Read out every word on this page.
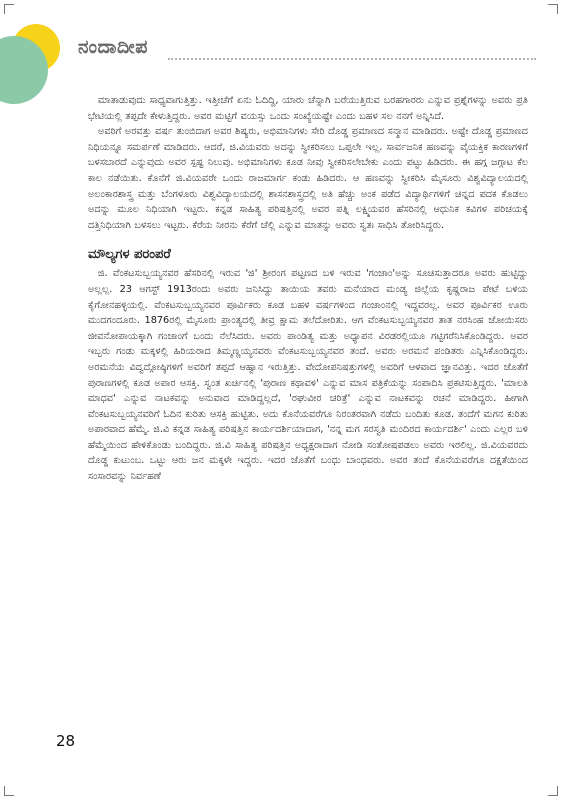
ನಂದಾದೀಪ

ಮಾತಾಡುವುದು ಸಾಧ್ಯವಾಗುತ್ತಿತ್ತು. ಇತ್ತೀಚೆಗೆ ಏನು ಓದಿದ್ದಿ, ಯಾರು ಚೆನ್ನಾಗಿ ಬರೆಯುತ್ತಿರುವ ಬರಹಗಾರರು ಎನ್ನುವ ಪ್ರಶ್ನೆಗಳನ್ನು ಅವರು ಪ್ರತಿ ಭೇಟಿಯಲ್ಲಿ ತಪ್ಪದೇ ಕೇಳುತ್ತಿದ್ದರು. ಅವರ ಮಟ್ಟಿಗೆ ವಯಸ್ಸು ಒಂದು ಸಂಖ್ಯೆಯಷ್ಟೇ ಎಂದು ಬಹಳ ಸಲ ನನಗೆ ಅನ್ನಿಸಿದೆ.

ಅವರಿಗೆ ಅರವತ್ತು ವರ್ಷ ತುಂಬಿದಾಗ ಅವರ ಶಿಷ್ಯರು, ಅಭಿಮಾನಿಗಳು ಸೇರಿ ದೊಡ್ಡ ಪ್ರಮಾಣದ ಸನ್ಮಾನ ಮಾಡಿದರು. ಅಷ್ಟೇ ದೊಡ್ಡ ಪ್ರಮಾಣದ ನಿಧಿಯನ್ನೂ ಸಮರ್ಪಣೆ ಮಾಡಿದರು. ಆದರೆ, ಜಿ.ವಿಯವರು ಅದನ್ನು ಸ್ವೀಕರಿಸಲು ಒಪ್ಪಲೇ ಇಲ್ಲ. ಸಾರ್ವಜನಿಕ ಹಣವನ್ನು ವೈಯಕ್ತಿಕ ಕಾರಣಗಳಿಗೆ ಬಳಸಬಾರದೆ ಎನ್ನುವುದು ಅವರ ಸ್ಪಷ್ಟ ನಿಲುವು. ಅಭಿಮಾನಿಗಳು ಕೂಡ ನೀವು ಸ್ವೀಕರಿಸಲೇಬೇಕು ಎಂದು ಪಟ್ಟು ಹಿಡಿದರು. ಈ ಹಗ್ಗ ಜಗ್ಗಾಟ ಕೆಲ ಕಾಲ ನಡೆಯಿತು. ಕೊನೆಗೆ ಜಿ.ವಿಯವರೇ ಒಂದು ರಾಜಮಾರ್ಗ ಕಂಡು ಹಿಡಿದರು. ಆ ಹಣವನ್ನು ಸ್ವೀಕರಿಸಿ ಮೈಸೂರು ವಿಶ್ವವಿದ್ಯಾಲಯದಲ್ಲಿ ಅಲಂಕಾರಶಾಸ್ತ್ರ ಮತ್ತು ಬೆಂಗಳೂರು ವಿಶ್ವವಿದ್ಯಾಲಯದಲ್ಲಿ ಶಾಸನಶಾಸ್ತ್ರದಲ್ಲಿ ಅತಿ ಹೆಚ್ಚು ಅಂಕ ಪಡೆದ ವಿದ್ಯಾರ್ಥಿಗಳಿಗೆ ಚಿನ್ನದ ಪದಕ ಕೊಡಲು ಅದನ್ನು ಮೂಲ ನಿಧಿಯಾಗಿ ಇಟ್ಟರು. ಕನ್ನಡ ಸಾಹಿತ್ಯ ಪರಿಷತ್ತಿನಲ್ಲಿ ಅವರ ಪತ್ನಿ ಲಕ್ಷ್ಮಿಯವರ ಹೆಸರಿನಲ್ಲಿ ಆಧುನಿಕ ಕವಿಗಳ ಪರಿಚಯಕ್ಕೆ ದತ್ತಿನಿಧಿಯಾಗಿ ಬಳಸಲು ಇಟ್ಟರು. ಕೆರೆಯ ನೀರನು ಕೆರೆಗೆ ಚೆಲ್ಲಿ ಎನ್ನುವ ಮಾತನ್ನು ಅವರು ಸ್ವತಃ ಸಾಧಿಸಿ ತೋರಿಸಿದ್ದರು.

ಮೌಲ್ಯಗಳ ಪರಂಪರೆ

ಜಿ. ವೆಂಕಟಸುಬ್ಬಯ್ಯನವರ ಹೆಸರಿನಲ್ಲಿ ಇರುವ 'ಜಿ' ಶ್ರೀರಂಗ ಪಟ್ಟಣದ ಬಳಿ ಇರುವ 'ಗಂಜಾಂ'ಅನ್ನು ಸೂಚಿಸುತ್ತಾದರೂ ಅವರು ಹುಟ್ಟಿದ್ದು ಅಲ್ಲಲ್ಲ. 23 ಆಗಸ್ಟ್ 1913ರಂದು ಅವರು ಜನಿಸಿದ್ದು ತಾಯಿಯ ತವರು ಮನೆಯಾದ ಮಂಡ್ಯ ಜಿಲ್ಲೆಯ ಕೃಷ್ಣರಾಜ ಪೇಟೆ ಬಳಿಯ ಕೈಗೋನಹಳ್ಳಿಯಲ್ಲಿ. ವೆಂಕಟಸುಬ್ಬಯ್ಯನವರ ಪೂರ್ವಿಕರು ಕೂಡ ಬಹಳ ವರ್ಷಗಳಿಂದ ಗಂಜಾಂನಲ್ಲಿ ಇದ್ದವರಲ್ಲ. ಅವರ ಪೂರ್ವಿಕರ ಊರು ಮುದಗಂದೂರು. 1876ರಲ್ಲಿ ಮೈಸೂರು ಪ್ರಾಂತ್ಯದಲ್ಲಿ ತೀವ್ರ ಕ್ಷಾಮ ತಲೆದೋರಿತು. ಆಗ ವೆಂಕಟಸುಬ್ಬಯ್ಯನವರ ತಾತ ನರಸಿಂಹ ಜೋಯಿಸರು ಜೀವನೋಪಾಯಕ್ಕಾಗಿ ಗಂಜಾಂಗೆ ಬಂದು ನೆಲೆಸಿದರು. ಅವರು ಪಾಂಡಿತ್ಯ ಮತ್ತು ಅಧ್ಯಾಪನ ವಿರಡರಲ್ಲಿಯೂ ಗಟ್ಟಿಗರೆನಿಸಿಕೊಂಡಿದ್ದರು. ಅವರ ಇಬ್ಬರು ಗಂಡು ಮಕ್ಕಳಲ್ಲಿ ಹಿರಿಯರಾದ ತಿಮ್ಮಣ್ಣಯ್ಯನವರು ವೆಂಕಟಸುಬ್ಬಯ್ಯನವರ ತಂದೆ. ಅವರು ಅರಮನೆ ಪಂಡಿತರು ಎನ್ನಿಸಿಕೊಂಡಿದ್ದರು. ಅರಮನೆಯ ವಿದ್ವದ್ಗೋಷ್ಠಿಗಳಿಗೆ ಅವರಿಗೆ ತಪ್ಪದೆ ಆಹ್ವಾನ ಇರುತ್ತಿತ್ತು. ವೇದೋಪನಿಷತ್ತುಗಳಲ್ಲಿ ಅವರಿಗೆ ಆಳವಾದ ಜ್ಞಾನವಿತ್ತು. ಇದರ ಜೊತೆಗೆ ಪುರಾಣಗಳಲ್ಲಿ ಕೂಡ ಅಪಾರ ಆಸಕ್ತಿ. ಸ್ವಂತ ಖರ್ಚಿನಲ್ಲಿ 'ಪುರಾಣ ಕಥಾವಳಿ' ಎನ್ನುವ ಮಾಸ ಪತ್ರಿಕೆಯನ್ನು ಸಂಪಾದಿಸಿ ಪ್ರಕಟಿಸುತ್ತಿದ್ದರು. 'ಮಾಲತಿ ಮಾಧವ' ಎನ್ನುವ ನಾಟಕವನ್ನು ಅನುವಾದ ಮಾಡಿದ್ದಲ್ಲದೆ, 'ರಘುವೀರ ಚರಿತ್ರೆ' ಎನ್ನುವ ನಾಟಕವನ್ನು ರಚನೆ ಮಾಡಿದ್ದರು. ಹೀಗಾಗಿ ವೆಂಕಟಸುಬ್ಬಯ್ಯನವರಿಗೆ ಓದಿನ ಕುರಿತು ಆಸಕ್ತಿ ಹುಟ್ಟಿತು. ಅದು ಕೊನೆಯವರೆಗೂ ನಿರಂತರವಾಗಿ ನಡೆದು ಬಂದಿತು ಕೂಡ. ತಂದೆಗೆ ಮಗನ ಕುರಿತು ಅಪಾರವಾದ ಹೆಮ್ಮೆ. ಜಿ.ವಿ ಕನ್ನಡ ಸಾಹಿತ್ಯ ಪರಿಷತ್ತಿನ ಕಾರ್ಯದರ್ಶಿಯಾದಾಗ, 'ನನ್ನ ಮಗ ಸರಸ್ವತಿ ಮಂದಿರದ ಕಾರ್ಯದರ್ಶಿ' ಎಂದು ಎಲ್ಲರ ಬಳಿ ಹೆಮ್ಮೆಯಿಂದ ಹೇಳಿಕೊಂಡು ಬಂದಿದ್ದರು. ಜಿ.ವಿ ಸಾಹಿತ್ಯ ಪರಿಷತ್ತಿನ ಅಧ್ಯಕ್ಷರಾದಾಗ ನೋಡಿ ಸಂತೋಷಪಡಲು ಅವರು ಇರಲಿಲ್ಲ. ಜಿ.ವಿಯವರದು ದೊಡ್ಡ ಕುಟುಂಬ. ಒಟ್ಟು ಆರು ಜನ ಮಕ್ಕಳೇ ಇದ್ದರು. ಇದರ ಜೊತೆಗೆ ಬಂಧು ಬಾಂಧವರು. ಅವರ ತಂದೆ ಕೊನೆಯವರೆಗೂ ದಕ್ಷತೆಯಿಂದ ಸಂಸಾರವನ್ನು ನಿರ್ವಹಣೆ

28
